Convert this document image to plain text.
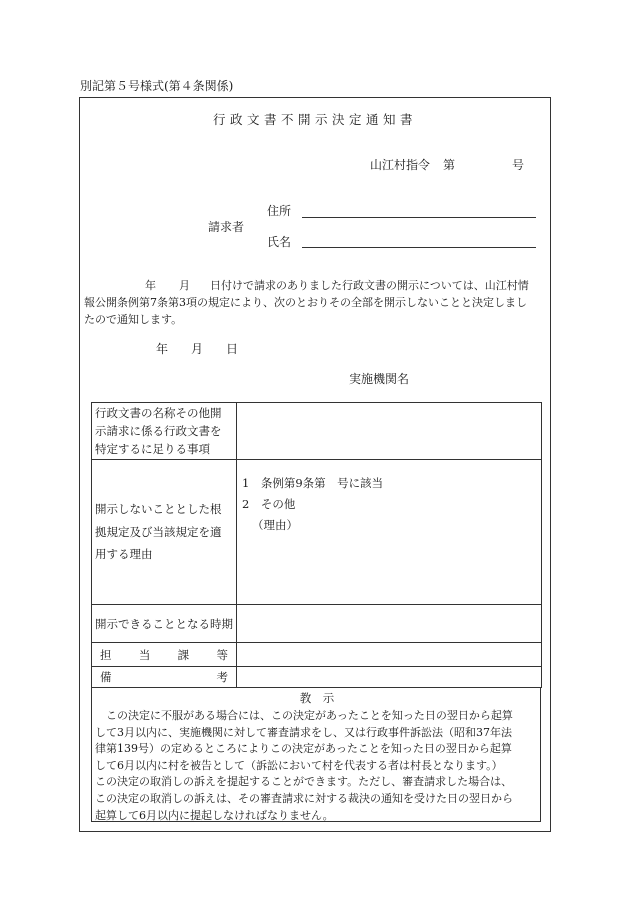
別記第５号様式(第４条関係)
行政文書不開示決定通知書
山江村指令 第	号
請求者
住所
氏名
年 月 日付けで請求のありました行政文書の開示については、山江村情
報公開条例第7条第3項の規定により、次のとおりその全部を開示しないことと決定しまし
たので通知します。
年 月 日
実施機関名
行政文書の名称その他開
示請求に係る行政文書を
特定するに足りる事項	

開示しないこととした根
拠規定及び当該規定を適
用する理由	1　条例第9条第　号に該当
2　その他
（理由）

開示できることとなる時期	

担 当 課 等	

備 考	

教　示
　この決定に不服がある場合には、この決定があったことを知った日の翌日から起算
して3月以内に、実施機関に対して審査請求をし、又は行政事件訴訟法（昭和37年法
律第139号）の定めるところによりこの決定があったことを知った日の翌日から起算
して6月以内に村を被告として（訴訟において村を代表する者は村長となります。）
この決定の取消しの訴えを提起することができます。ただし、審査請求した場合は、
この決定の取消しの訴えは、その審査請求に対する裁決の通知を受けた日の翌日から
起算して6月以内に提起しなければなりません。
